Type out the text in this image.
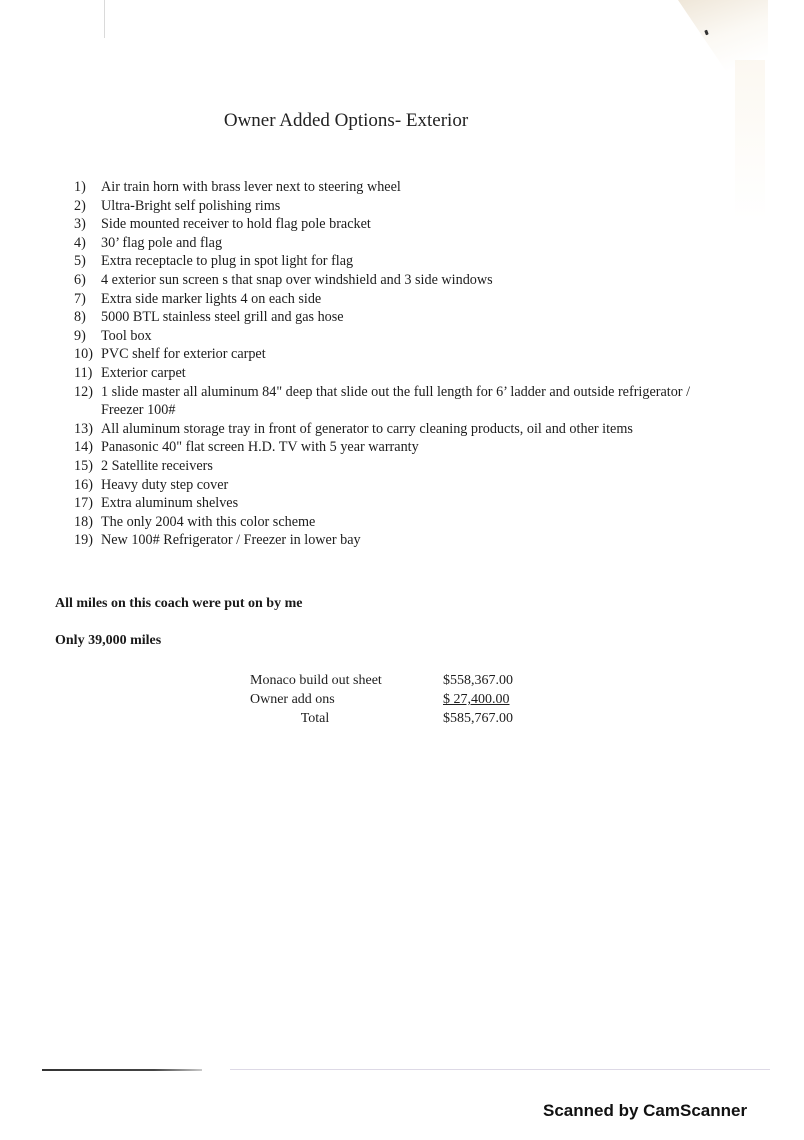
Owner Added Options- Exterior
1)	Air train horn with brass lever next to steering wheel
2)	Ultra-Bright self polishing rims
3)	Side mounted receiver to hold flag pole bracket
4)	30’ flag pole and flag
5)	Extra receptacle to plug in spot light for flag
6)	4 exterior sun screen s that snap over windshield and 3 side windows
7)	Extra side marker lights 4 on each side
8)	5000 BTL stainless steel grill and gas hose
9)	Tool box
10) PVC shelf for exterior carpet
11) Exterior carpet
12) 1 slide master all aluminum 84" deep that slide out the full length for 6’ ladder and outside refrigerator / Freezer 100#
13) All aluminum storage tray in front of generator to carry cleaning products, oil and other items
14) Panasonic 40" flat screen H.D. TV with 5 year warranty
15) 2 Satellite receivers
16) Heavy duty step cover
17) Extra aluminum shelves
18) The only 2004 with this color scheme
19) New 100# Refrigerator / Freezer in lower bay
All miles on this coach were put on by me
Only 39,000 miles
Monaco build out sheet	$558,367.00
Owner add ons	$ 27,400.00
Total	$585,767.00
Scanned by CamScanner
